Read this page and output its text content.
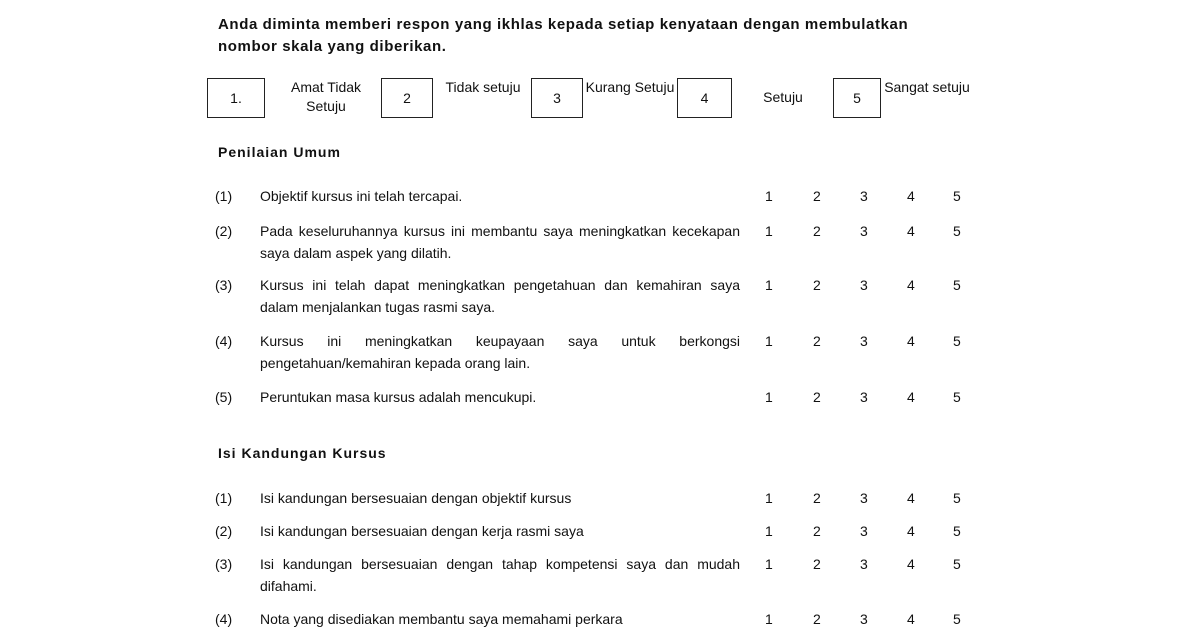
Anda diminta memberi respon yang ikhlas kepada setiap kenyataan dengan membulatkan nombor skala yang diberikan.
1.
Amat Tidak Setuju	2
Tidak setuju
3
Kurang Setuju
4	Setuju	5
Sangat setuju
Penilaian Umum
(1)	Objektif kursus ini telah tercapai.	1	2	3	4	5
(2)	Pada keseluruhannya kursus ini membantu saya meningkatkan kecekapan saya dalam aspek yang dilatih.
1	2	3	4	5
(3)	Kursus ini telah dapat meningkatkan pengetahuan dan kemahiran saya dalam menjalankan tugas rasmi saya.
1	2	3	4	5
(4)	Kursus ini meningkatkan keupayaan saya untuk berkongsi pengetahuan/kemahiran kepada orang lain.
1	2	3	4	5
(5)	Peruntukan masa kursus adalah mencukupi.	1	2	3	4	5
Isi Kandungan Kursus
(1)	Isi kandungan bersesuaian dengan objektif kursus	1	2	3	4	5
(2)	Isi kandungan bersesuaian dengan kerja rasmi saya	1	2	3	4	5
(3)	Isi kandungan bersesuaian dengan tahap kompetensi saya dan mudah difahami.
1	2	3	4	5
(4)	Nota yang disediakan membantu saya memahami perkara	1	2	3	4	5
